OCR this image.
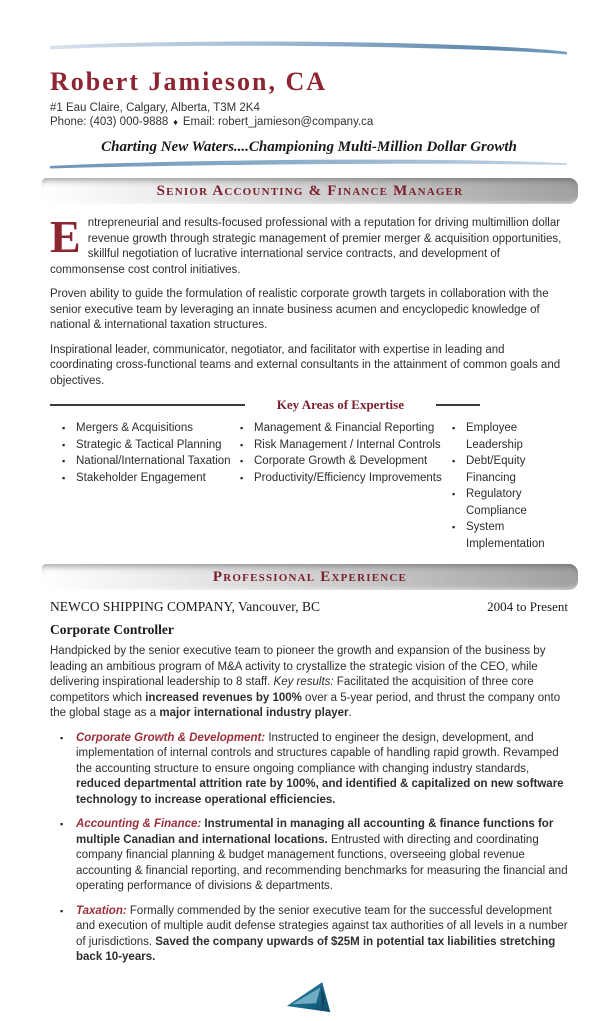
Robert Jamieson, CA
#1 Eau Claire, Calgary, Alberta, T3M 2K4
Phone: (403) 000-9888 ♦ Email: robert_jamieson@company.ca
Charting New Waters....Championing Multi-Million Dollar Growth
Senior Accounting & Finance Manager
Entrepreneurial and results-focused professional with a reputation for driving multimillion dollar revenue growth through strategic management of premier merger & acquisition opportunities, skillful negotiation of lucrative international service contracts, and development of commonsense cost control initiatives.
Proven ability to guide the formulation of realistic corporate growth targets in collaboration with the senior executive team by leveraging an innate business acumen and encyclopedic knowledge of national & international taxation structures.
Inspirational leader, communicator, negotiator, and facilitator with expertise in leading and coordinating cross-functional teams and external consultants in the attainment of common goals and objectives.
Key Areas of Expertise
▪ Mergers & Acquisitions
▪ Strategic & Tactical Planning
▪ National/International Taxation
▪ Stakeholder Engagement
▪ Management & Financial Reporting
▪ Risk Management / Internal Controls
▪ Corporate Growth & Development
▪ Productivity/Efficiency Improvements
▪ Employee Leadership
▪ Debt/Equity Financing
▪ Regulatory Compliance
▪ System Implementation
Professional Experience
NEWCO SHIPPING COMPANY, Vancouver, BC	2004 to Present
Corporate Controller
Handpicked by the senior executive team to pioneer the growth and expansion of the business by leading an ambitious program of M&A activity to crystallize the strategic vision of the CEO, while delivering inspirational leadership to 8 staff. Key results: Facilitated the acquisition of three core competitors which increased revenues by 100% over a 5-year period, and thrust the company onto the global stage as a major international industry player.
▪ Corporate Growth & Development: Instructed to engineer the design, development, and implementation of internal controls and structures capable of handling rapid growth. Revamped the accounting structure to ensure ongoing compliance with changing industry standards, reduced departmental attrition rate by 100%, and identified & capitalized on new software technology to increase operational efficiencies.
▪ Accounting & Finance: Instrumental in managing all accounting & finance functions for multiple Canadian and international locations. Entrusted with directing and coordinating company financial planning & budget management functions, overseeing global revenue accounting & financial reporting, and recommending benchmarks for measuring the financial and operating performance of divisions & departments.
▪ Taxation: Formally commended by the senior executive team for the successful development and execution of multiple audit defense strategies against tax authorities of all levels in a number of jurisdictions. Saved the company upwards of $25M in potential tax liabilities stretching back 10-years.
